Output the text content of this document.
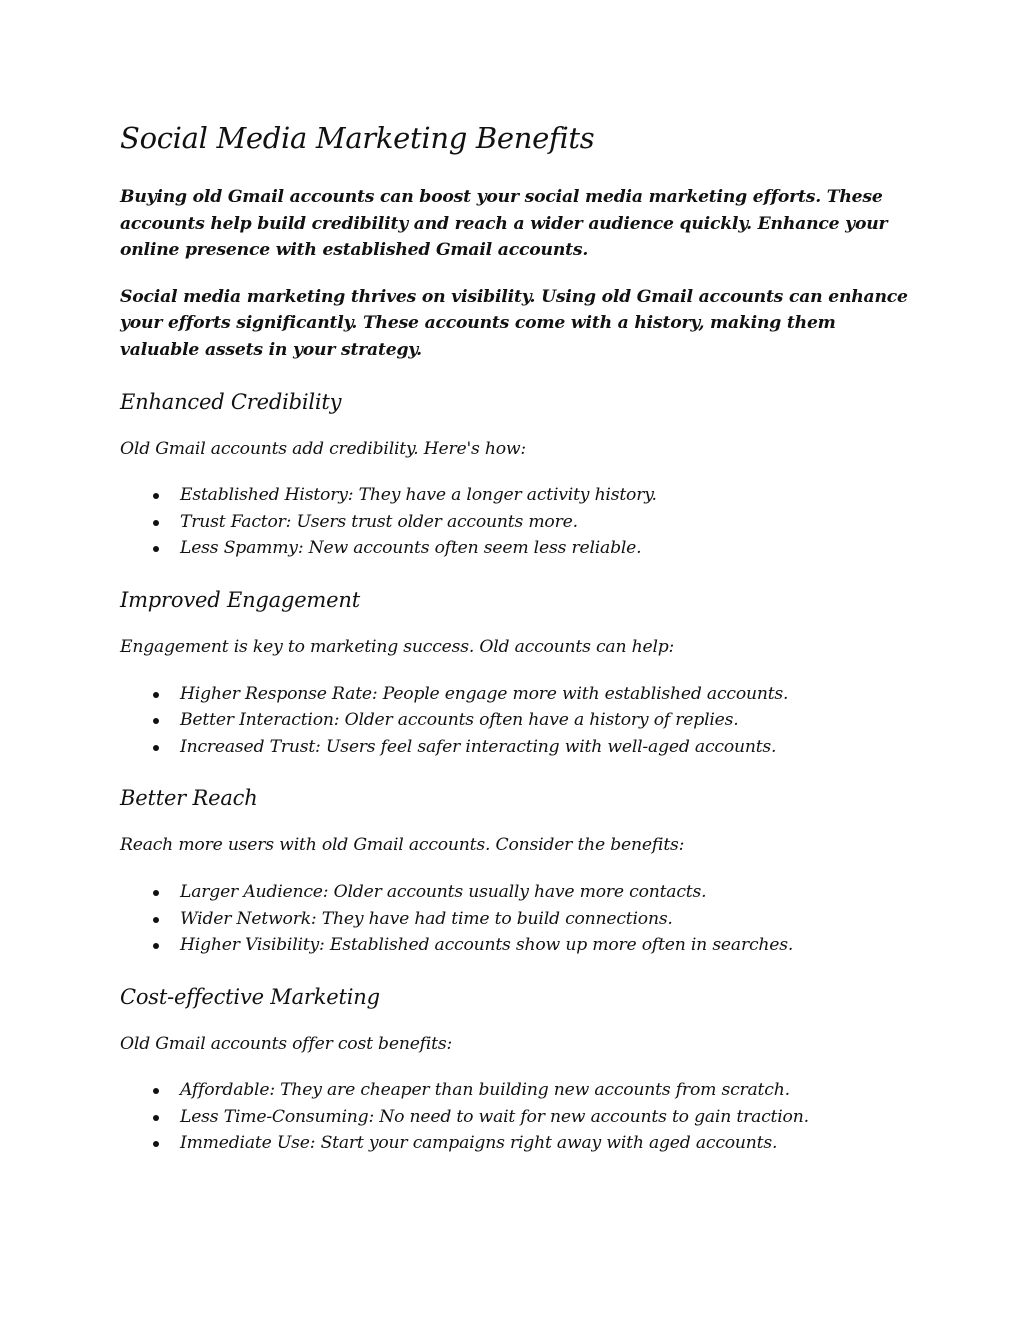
Social Media Marketing Benefits

Buying old Gmail accounts can boost your social media marketing efforts. These accounts help build credibility and reach a wider audience quickly. Enhance your online presence with established Gmail accounts.

Social media marketing thrives on visibility. Using old Gmail accounts can enhance your efforts significantly. These accounts come with a history, making them valuable assets in your strategy.

Enhanced Credibility

Old Gmail accounts add credibility. Here's how:

Established History: They have a longer activity history.
Trust Factor: Users trust older accounts more.
Less Spammy: New accounts often seem less reliable.
Improved Engagement

Engagement is key to marketing success. Old accounts can help:

Higher Response Rate: People engage more with established accounts.
Better Interaction: Older accounts often have a history of replies.
Increased Trust: Users feel safer interacting with well-aged accounts.
Better Reach

Reach more users with old Gmail accounts. Consider the benefits:

Larger Audience: Older accounts usually have more contacts.
Wider Network: They have had time to build connections.
Higher Visibility: Established accounts show up more often in searches.
Cost-effective Marketing

Old Gmail accounts offer cost benefits:

Affordable: They are cheaper than building new accounts from scratch.
Less Time-Consuming: No need to wait for new accounts to gain traction.
Immediate Use: Start your campaigns right away with aged accounts.
